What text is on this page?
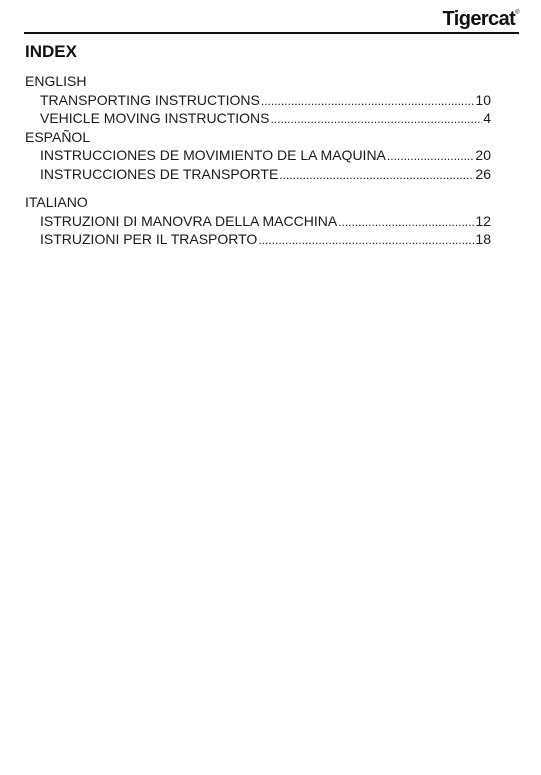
Tigercat®
INDEX
ENGLISH
TRANSPORTING INSTRUCTIONS .....	10
VEHICLE MOVING INSTRUCTIONS .....	4
ESPAÑOL
INSTRUCCIONES DE MOVIMIENTO DE LA MAQUINA .....	20
INSTRUCCIONES DE TRANSPORTE .....	26
ITALIANO
ISTRUZIONI DI MANOVRA DELLA MACCHINA .....	12
ISTRUZIONI PER IL TRASPORTO .....	18
